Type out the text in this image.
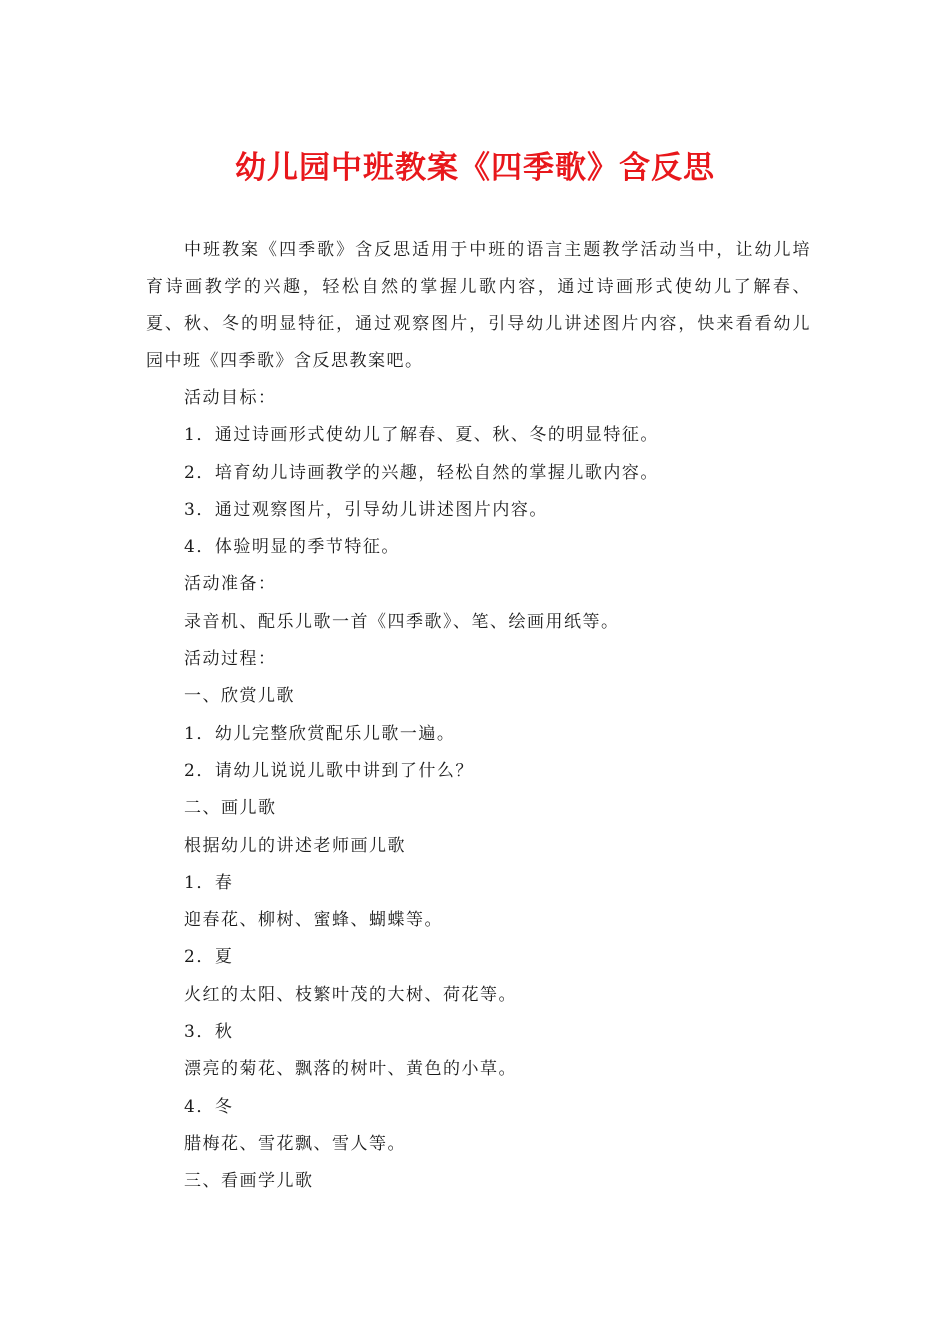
幼儿园中班教案《四季歌》含反思

中班教案《四季歌》含反思适用于中班的语言主题教学活动当中，让幼儿培育诗画教学的兴趣，轻松自然的掌握儿歌内容，通过诗画形式使幼儿了解春、夏、秋、冬的明显特征，通过观察图片，引导幼儿讲述图片内容，快来看看幼儿园中班《四季歌》含反思教案吧。

活动目标：
1．通过诗画形式使幼儿了解春、夏、秋、冬的明显特征。
2．培育幼儿诗画教学的兴趣，轻松自然的掌握儿歌内容。
3．通过观察图片，引导幼儿讲述图片内容。
4．体验明显的季节特征。
活动准备：
录音机、配乐儿歌一首《四季歌》、笔、绘画用纸等。
活动过程：
一、欣赏儿歌
1．幼儿完整欣赏配乐儿歌一遍。
2．请幼儿说说儿歌中讲到了什么？
二、画儿歌
根据幼儿的讲述老师画儿歌
1．春
迎春花、柳树、蜜蜂、蝴蝶等。
2．夏
火红的太阳、枝繁叶茂的大树、荷花等。
3．秋
漂亮的菊花、飘落的树叶、黄色的小草。
4．冬
腊梅花、雪花飘、雪人等。
三、看画学儿歌
